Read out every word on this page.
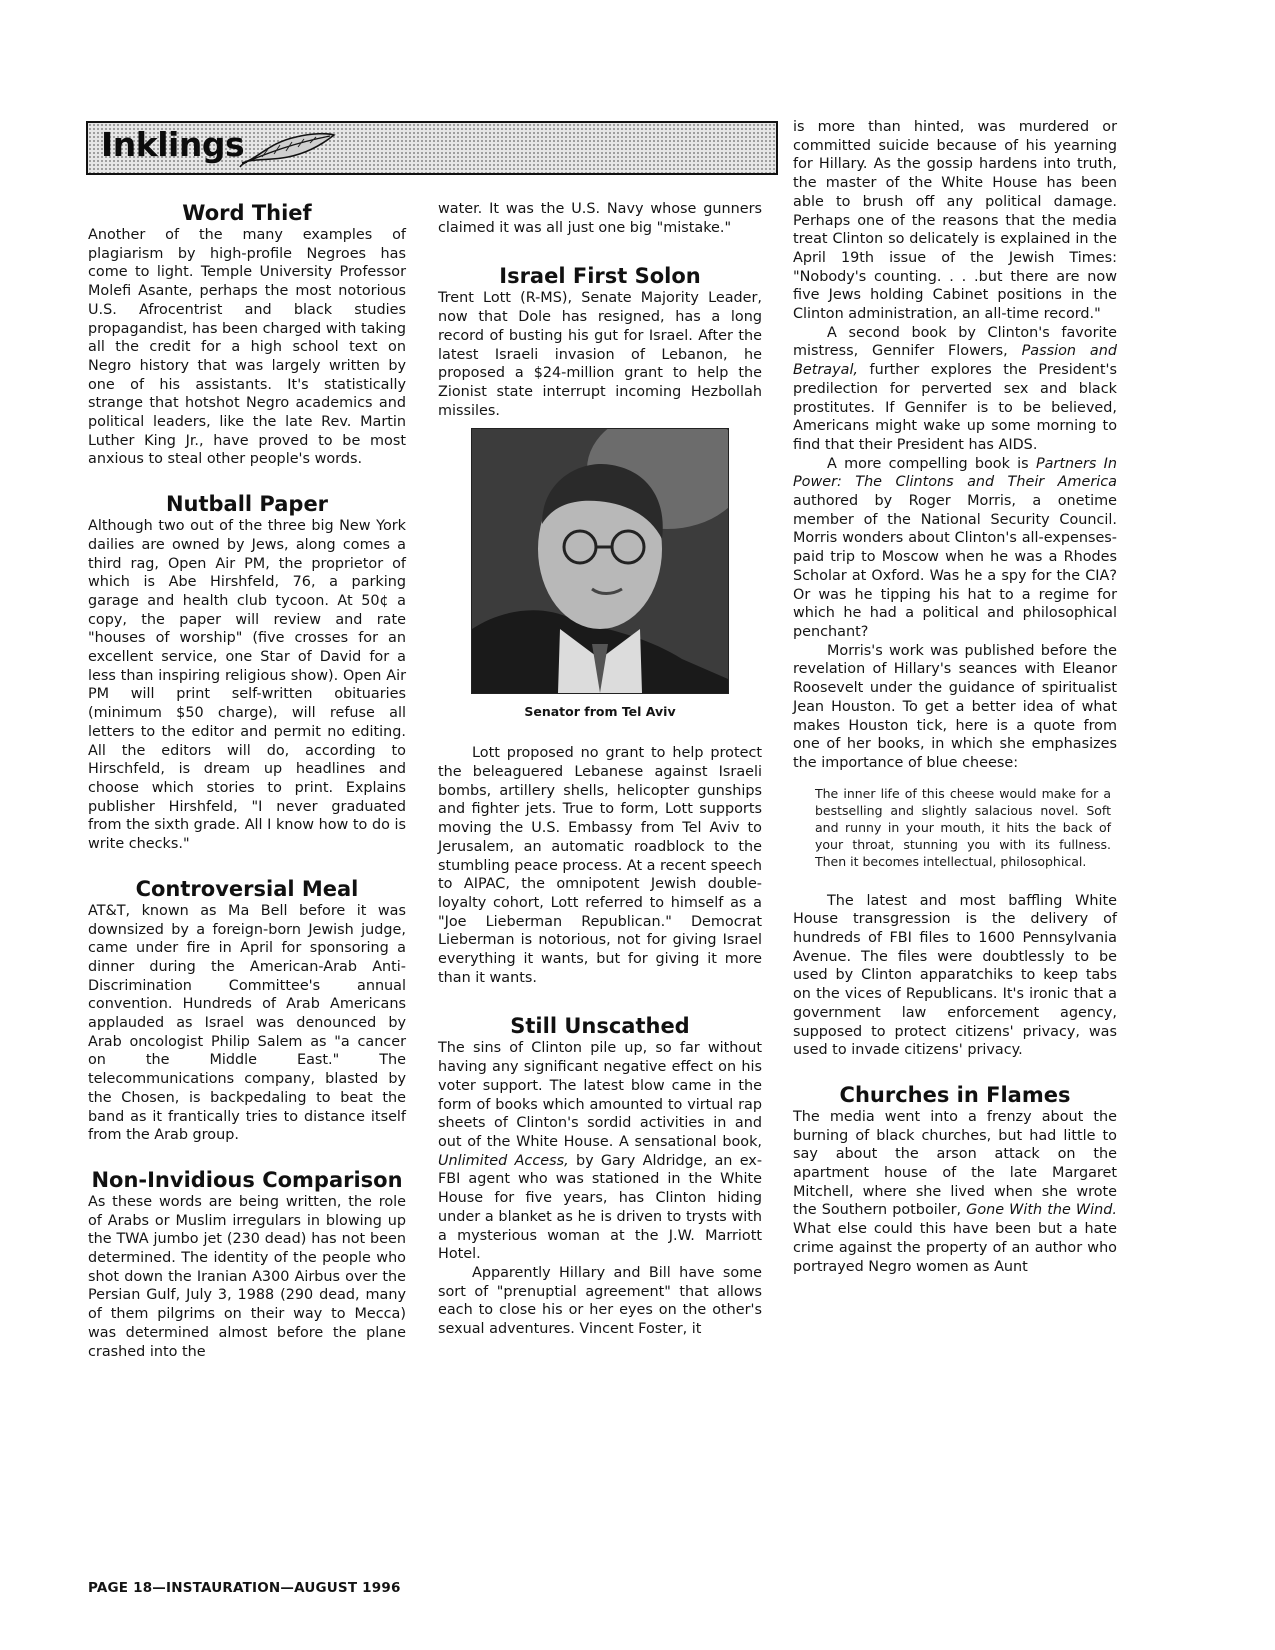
Inklings
Word Thief

Another of the many examples of plagiarism by high-profile Negroes has come to light. Temple University Professor Molefi Asante, perhaps the most notorious U.S. Afrocentrist and black studies propagandist, has been charged with taking all the credit for a high school text on Negro history that was largely written by one of his assistants. It's statistically strange that hotshot Negro academics and political leaders, like the late Rev. Martin Luther King Jr., have proved to be most anxious to steal other people's words.

Nutball Paper

Although two out of the three big New York dailies are owned by Jews, along comes a third rag, Open Air PM, the proprietor of which is Abe Hirshfeld, 76, a parking garage and health club tycoon. At 50¢ a copy, the paper will review and rate "houses of worship" (five crosses for an excellent service, one Star of David for a less than inspiring religious show). Open Air PM will print self-written obituaries (minimum $50 charge), will refuse all letters to the editor and permit no editing. All the editors will do, according to Hirschfeld, is dream up headlines and choose which stories to print. Explains publisher Hirshfeld, "I never graduated from the sixth grade. All I know how to do is write checks."

Controversial Meal

AT&T, known as Ma Bell before it was downsized by a foreign-born Jewish judge, came under fire in April for sponsoring a dinner during the American-Arab Anti-Discrimination Committee's annual convention. Hundreds of Arab Americans applauded as Israel was denounced by Arab oncologist Philip Salem as "a cancer on the Middle East." The telecommunications company, blasted by the Chosen, is backpedaling to beat the band as it frantically tries to distance itself from the Arab group.

Non-Invidious Comparison

As these words are being written, the role of Arabs or Muslim irregulars in blowing up the TWA jumbo jet (230 dead) has not been determined. The identity of the people who shot down the Iranian A300 Airbus over the Persian Gulf, July 3, 1988 (290 dead, many of them pilgrims on their way to Mecca) was determined almost before the plane crashed into the

water. It was the U.S. Navy whose gunners claimed it was all just one big "mistake."

Israel First Solon

Trent Lott (R-MS), Senate Majority Leader, now that Dole has resigned, has a long record of busting his gut for Israel. After the latest Israeli invasion of Lebanon, he proposed a $24-million grant to help the Zionist state interrupt incoming Hezbollah missiles.

Senator from Tel Aviv

Lott proposed no grant to help protect the beleaguered Lebanese against Israeli bombs, artillery shells, helicopter gunships and fighter jets. True to form, Lott supports moving the U.S. Embassy from Tel Aviv to Jerusalem, an automatic roadblock to the stumbling peace process. At a recent speech to AIPAC, the omnipotent Jewish double-loyalty cohort, Lott referred to himself as a "Joe Lieberman Republican." Democrat Lieberman is notorious, not for giving Israel everything it wants, but for giving it more than it wants.

Still Unscathed

The sins of Clinton pile up, so far without having any significant negative effect on his voter support. The latest blow came in the form of books which amounted to virtual rap sheets of Clinton's sordid activities in and out of the White House. A sensational book, Unlimited Access, by Gary Aldridge, an ex-FBI agent who was stationed in the White House for five years, has Clinton hiding under a blanket as he is driven to trysts with a mysterious woman at the J.W. Marriott Hotel.

Apparently Hillary and Bill have some sort of "prenuptial agreement" that allows each to close his or her eyes on the other's sexual adventures. Vincent Foster, it

is more than hinted, was murdered or committed suicide because of his yearning for Hillary. As the gossip hardens into truth, the master of the White House has been able to brush off any political damage. Perhaps one of the reasons that the media treat Clinton so delicately is explained in the April 19th issue of the Jewish Times: "Nobody's counting. . . .but there are now five Jews holding Cabinet positions in the Clinton administration, an all-time record."

A second book by Clinton's favorite mistress, Gennifer Flowers, Passion and Betrayal, further explores the President's predilection for perverted sex and black prostitutes. If Gennifer is to be believed, Americans might wake up some morning to find that their President has AIDS.

A more compelling book is Partners In Power: The Clintons and Their America authored by Roger Morris, a onetime member of the National Security Council. Morris wonders about Clinton's all-expenses-paid trip to Moscow when he was a Rhodes Scholar at Oxford. Was he a spy for the CIA? Or was he tipping his hat to a regime for which he had a political and philosophical penchant?

Morris's work was published before the revelation of Hillary's seances with Eleanor Roosevelt under the guidance of spiritualist Jean Houston. To get a better idea of what makes Houston tick, here is a quote from one of her books, in which she emphasizes the importance of blue cheese:

The inner life of this cheese would make for a bestselling and slightly salacious novel. Soft and runny in your mouth, it hits the back of your throat, stunning you with its fullness. Then it becomes intellectual, philosophical.

The latest and most baffling White House transgression is the delivery of hundreds of FBI files to 1600 Pennsylvania Avenue. The files were doubtlessly to be used by Clinton apparatchiks to keep tabs on the vices of Republicans. It's ironic that a government law enforcement agency, supposed to protect citizens' privacy, was used to invade citizens' privacy.

Churches in Flames

The media went into a frenzy about the burning of black churches, but had little to say about the arson attack on the apartment house of the late Margaret Mitchell, where she lived when she wrote the Southern potboiler, Gone With the Wind. What else could this have been but a hate crime against the property of an author who portrayed Negro women as Aunt

PAGE 18—INSTAURATION—AUGUST 1996
